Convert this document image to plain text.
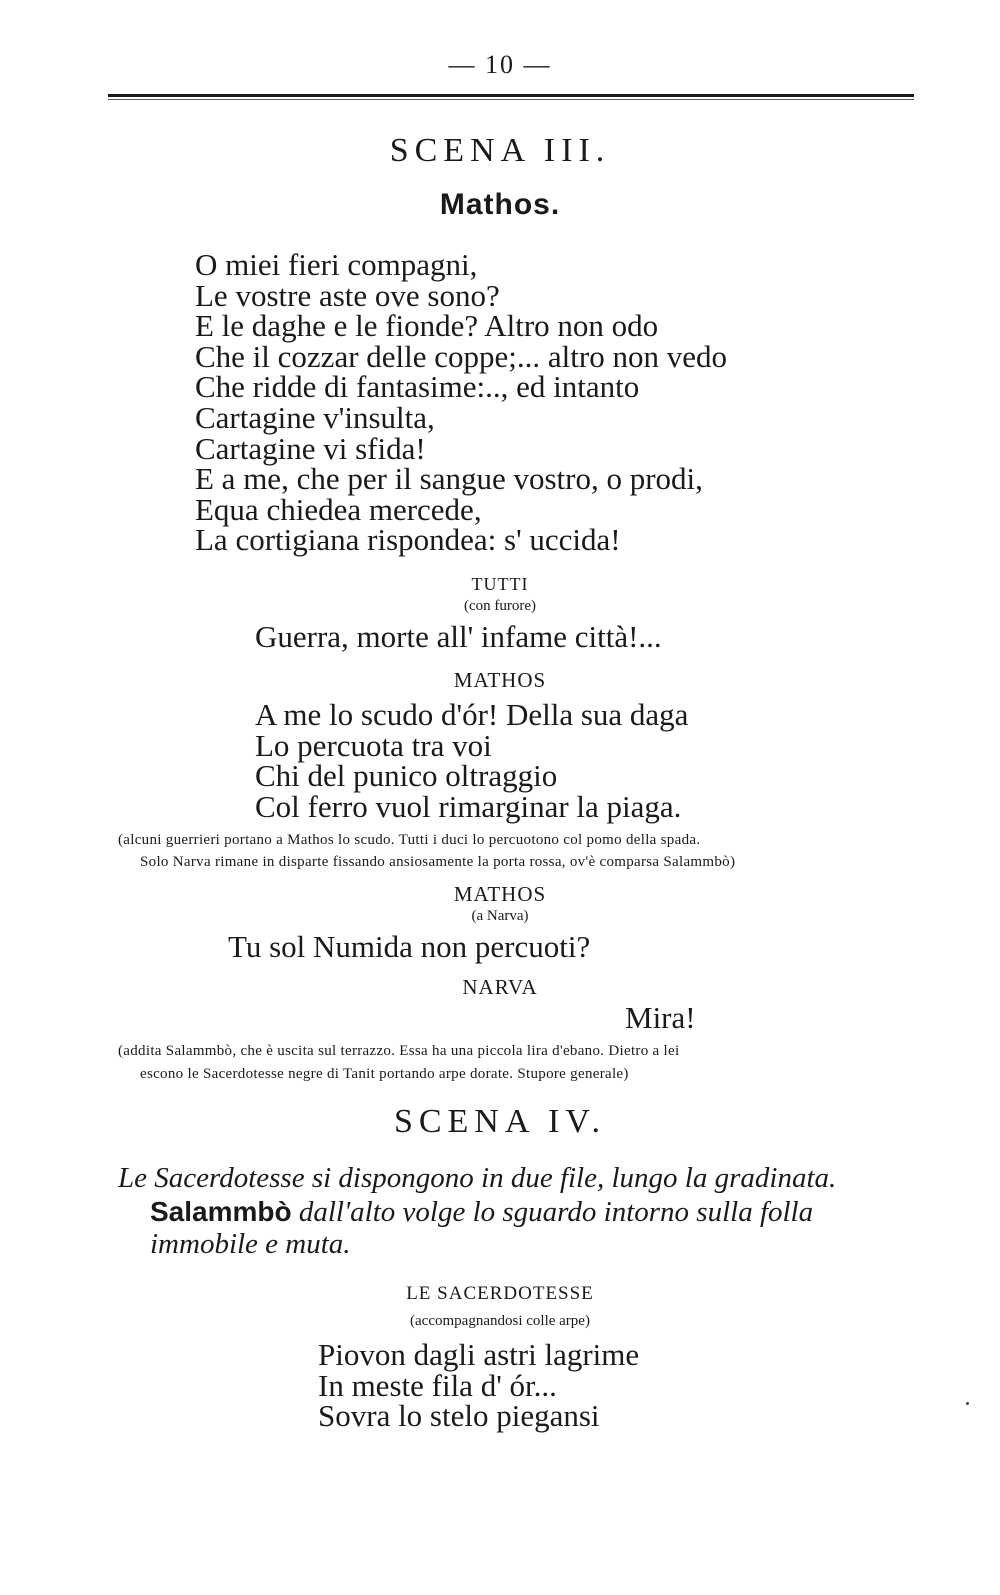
— 10 —
SCENA III.
Mathos.
O miei fieri compagni,
Le vostre aste ove sono?
E le daghe e le fionde? Altro non odo
Che il cozzar delle coppe;... altro non vedo
Che ridde di fantasime:.., ed intanto
Cartagine v'insulta,
Cartagine vi sfida!
E a me, che per il sangue vostro, o prodi,
Equa chiedea mercede,
La cortigiana rispondea: s' uccida!
TUTTI
(con furore)
Guerra, morte all' infame città!...
MATHOS
A me lo scudo d'ór! Della sua daga
Lo percuota tra voi
Chi del punico oltraggio
Col ferro vuol rimarginar la piaga.
(alcuni guerrieri portano a Mathos lo scudo. Tutti i duci lo percuotono col pomo della spada.
Solo Narva rimane in disparte fissando ansiosamente la porta rossa, ov'è comparsa Salammbò)
MATHOS
(a Narva)
Tu sol Numida non percuoti?
NARVA
Mira!
(addita Salammbò, che è uscita sul terrazzo. Essa ha una piccola lira d'ebano. Dietro a lei
escono le Sacerdotesse negre di Tanit portando arpe dorate. Stupore generale)
SCENA IV.
Le Sacerdotesse si dispongono in due file, lungo la gradinata.
Salammbò dall'alto volge lo sguardo intorno sulla folla
immobile e muta.
LE SACERDOTESSE
(accompagnandosi colle arpe)
Piovon dagli astri lagrime
In meste fila d' ór...
Sovra lo stelo piegansi
